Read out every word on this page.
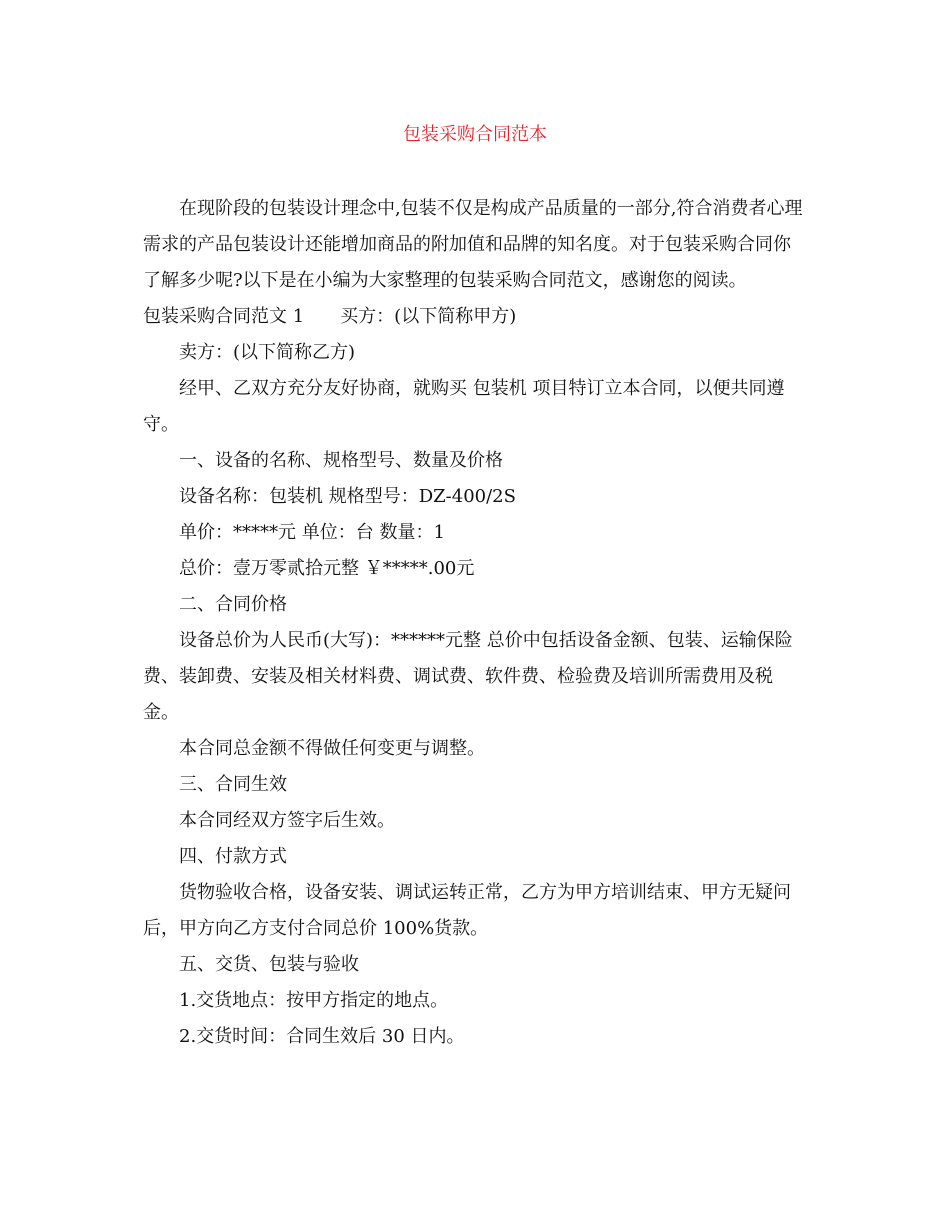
包装采购合同范本

在现阶段的包装设计理念中,包装不仅是构成产品质量的一部分,符合消费者心理需求的产品包装设计还能增加商品的附加值和品牌的知名度。对于包装采购合同你了解多少呢?以下是在小编为大家整理的包装采购合同范文，感谢您的阅读。

包装采购合同范文 1 买方：(以下简称甲方)

卖方：(以下简称乙方)

经甲、乙双方充分友好协商，就购买 包装机 项目特订立本合同，以便共同遵守。

一、设备的名称、规格型号、数量及价格

设备名称：包装机 规格型号：DZ-400/2S

单价：*****元 单位：台 数量：1

总价：壹万零贰拾元整 ￥*****.00元

二、合同价格

设备总价为人民币(大写)：******元整 总价中包括设备金额、包装、运输保险费、装卸费、安装及相关材料费、调试费、软件费、检验费及培训所需费用及税金。

本合同总金额不得做任何变更与调整。

三、合同生效

本合同经双方签字后生效。

四、付款方式

货物验收合格，设备安装、调试运转正常，乙方为甲方培训结束、甲方无疑问后，甲方向乙方支付合同总价 100%货款。

五、交货、包装与验收

1.交货地点：按甲方指定的地点。

2.交货时间：合同生效后 30 日内。
